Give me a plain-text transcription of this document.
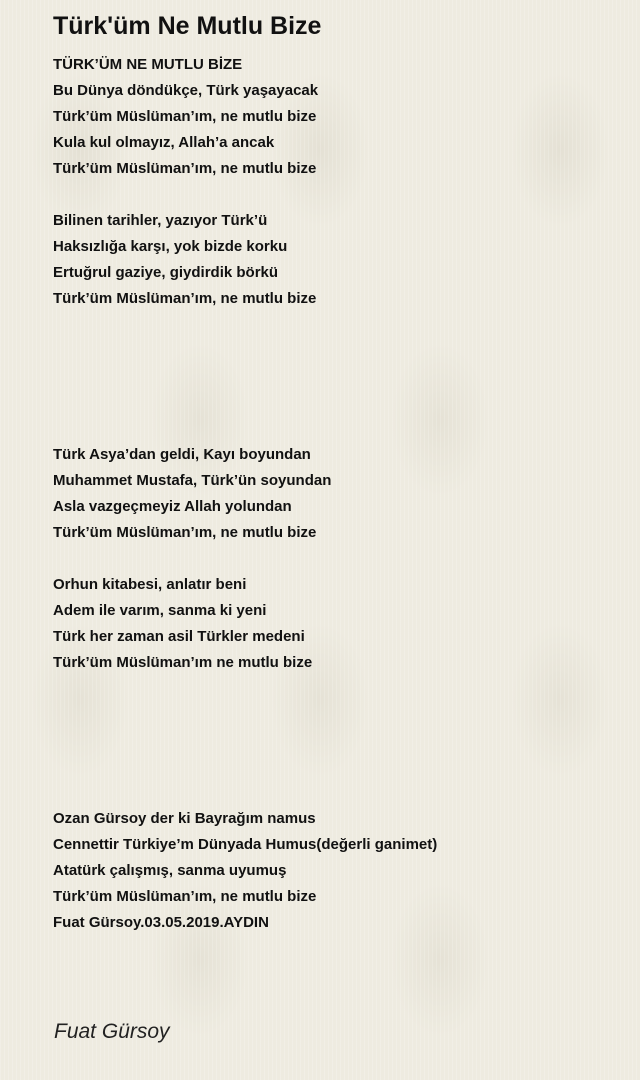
Türk'üm Ne Mutlu Bize
TÜRK’ÜM NE MUTLU BİZE
Bu Dünya döndükçe, Türk yaşayacak
Türk’üm Müslüman’ım, ne mutlu bize
Kula kul olmayız, Allah’a ancak
Türk’üm Müslüman’ım, ne mutlu bize
Bilinen tarihler, yazıyor Türk’ü
Haksızlığa karşı, yok bizde korku
Ertuğrul gaziye, giydirdik börkü
Türk’üm Müslüman’ım, ne mutlu bize
Türk Asya’dan geldi, Kayı boyundan
Muhammet Mustafa, Türk’ün soyundan
Asla vazgeçmeyiz Allah yolundan
Türk’üm Müslüman’ım, ne mutlu bize
Orhun kitabesi, anlatır beni
Adem ile varım, sanma ki yeni
Türk her zaman asil Türkler medeni
Türk’üm Müslüman’ım ne mutlu bize
Ozan Gürsoy der ki Bayrağım namus
Cennettir Türkiye’m Dünyada Humus(değerli ganimet)
Atatürk çalışmış, sanma uyumuş
Türk’üm Müslüman’ım, ne mutlu bize
Fuat Gürsoy.03.05.2019.AYDIN
Fuat Gürsoy
